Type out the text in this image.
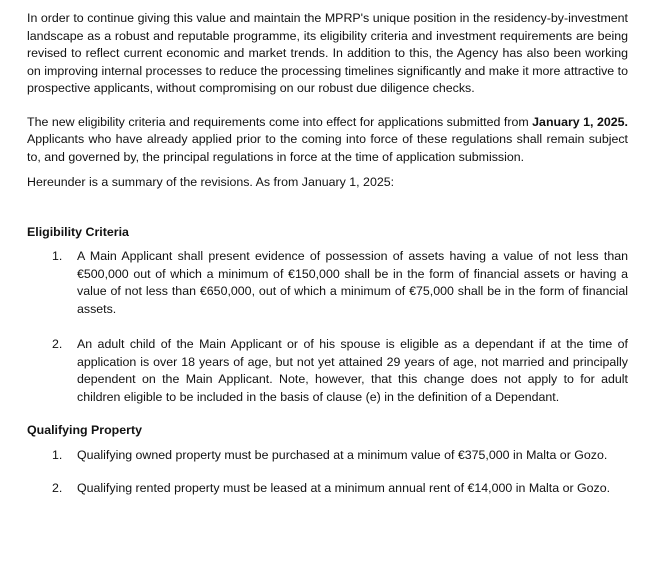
In order to continue giving this value and maintain the MPRP's unique position in the residency-by-investment landscape as a robust and reputable programme, its eligibility criteria and investment requirements are being revised to reflect current economic and market trends. In addition to this, the Agency has also been working on improving internal processes to reduce the processing timelines significantly and make it more attractive to prospective applicants, without compromising on our robust due diligence checks.

The new eligibility criteria and requirements come into effect for applications submitted from January 1, 2025. Applicants who have already applied prior to the coming into force of these regulations shall remain subject to, and governed by, the principal regulations in force at the time of application submission.

Hereunder is a summary of the revisions. As from January 1, 2025:

Eligibility Criteria
1.	A Main Applicant shall present evidence of possession of assets having a value of not less than €500,000 out of which a minimum of €150,000 shall be in the form of financial assets or having a value of not less than €650,000, out of which a minimum of €75,000 shall be in the form of financial assets.
2.	An adult child of the Main Applicant or of his spouse is eligible as a dependant if at the time of application is over 18 years of age, but not yet attained 29 years of age, not married and principally dependent on the Main Applicant. Note, however, that this change does not apply to for adult children eligible to be included in the basis of clause (e) in the definition of a Dependant.
Qualifying Property
1.	Qualifying owned property must be purchased at a minimum value of €375,000 in Malta or Gozo.
2.	Qualifying rented property must be leased at a minimum annual rent of €14,000 in Malta or Gozo.
